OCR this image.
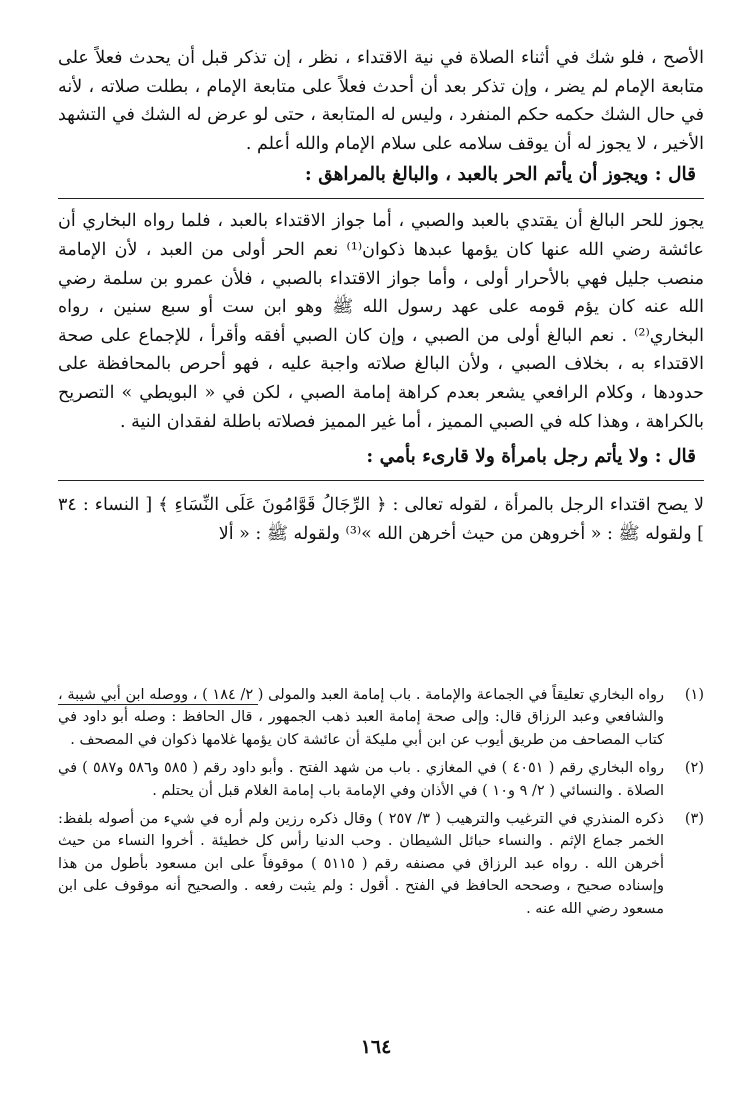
الأصح ، فلو شك في أثناء الصلاة في نية الاقتداء ، نظر ، إن تذكر قبل أن يحدث فعلاً على متابعة الإمام لم يضر ، وإن تذكر بعد أن أحدث فعلاً على متابعة الإمام ، بطلت صلاته ، لأنه في حال الشك حكمه حكم المنفرد ، وليس له المتابعة ، حتى لو عرض له الشك في التشهد الأخير ، لا يجوز له أن يوقف سلامه على سلام الإمام والله أعلم .

قال : ويجوز أن يأتم الحر بالعبد ، والبالغ بالمراهق :

يجوز للحر البالغ أن يقتدي بالعبد والصبي ، أما جواز الاقتداء بالعبد ، فلما رواه البخاري أن عائشة رضي الله عنها كان يؤمها عبدها ذكوان⁽¹⁾ نعم الحر أولى من العبد ، لأن الإمامة منصب جليل فهي بالأحرار أولى ، وأما جواز الاقتداء بالصبي ، فلأن عمرو بن سلمة رضي الله عنه كان يؤم قومه على عهد رسول الله ﷺ وهو ابن ست أو سبع سنين ، رواه البخاري⁽²⁾ . نعم البالغ أولى من الصبي ، وإن كان الصبي أفقه وأقرأ ، للإجماع على صحة الاقتداء به ، بخلاف الصبي ، ولأن البالغ صلاته واجبة عليه ، فهو أحرص بالمحافظة على حدودها ، وكلام الرافعي يشعر بعدم كراهة إمامة الصبي ، لكن في « البويطي » التصريح بالكراهة ، وهذا كله في الصبي المميز ، أما غير المميز فصلاته باطلة لفقدان النية .

قال : ولا يأتم رجل بامرأة ولا قارىء بأمي :

لا يصح اقتداء الرجل بالمرأة ، لقوله تعالى : ﴿ الرِّجَالُ قَوَّامُونَ عَلَى النِّسَاءِ ﴾ [ النساء : ٣٤ ] ولقوله ﷺ : « أخروهن من حيث أخرهن الله »⁽³⁾ ولقوله ﷺ : « ألا

(١)
رواه البخاري تعليقاً في الجماعة والإمامة . باب إمامة العبد والمولى ( ٢/ ١٨٤ ) ، ووصله ابن أبي شيبة ، والشافعي وعبد الرزاق قال: وإلى صحة إمامة العبد ذهب الجمهور ، قال الحافظ : وصله أبو داود في كتاب المصاحف من طريق أيوب عن ابن أبي مليكة أن عائشة كان يؤمها غلامها ذكوان في المصحف .
(٢)
رواه البخاري رقم ( ٤٠٥١ ) في المغازي . باب من شهد الفتح . وأبو داود رقم ( ٥٨٥ و٥٨٦ و٥٨٧ ) في الصلاة . والنسائي ( ٢/ ٩ و١٠ ) في الأذان وفي الإمامة باب إمامة الغلام قبل أن يحتلم .
(٣)
ذكره المنذري في الترغيب والترهيب ( ٣/ ٢٥٧ ) وقال ذكره رزين ولم أره في شيء من أصوله بلفظ: الخمر جماع الإثم . والنساء حبائل الشيطان . وحب الدنيا رأس كل خطيئة . أخروا النساء من حيث أخرهن الله . رواه عبد الرزاق في مصنفه رقم ( ٥١١٥ ) موقوفاً على ابن مسعود بأطول من هذا وإسناده صحيح ، وصححه الحافظ في الفتح . أقول : ولم يثبت رفعه . والصحيح أنه موقوف على ابن مسعود رضي الله عنه .
١٦٤
